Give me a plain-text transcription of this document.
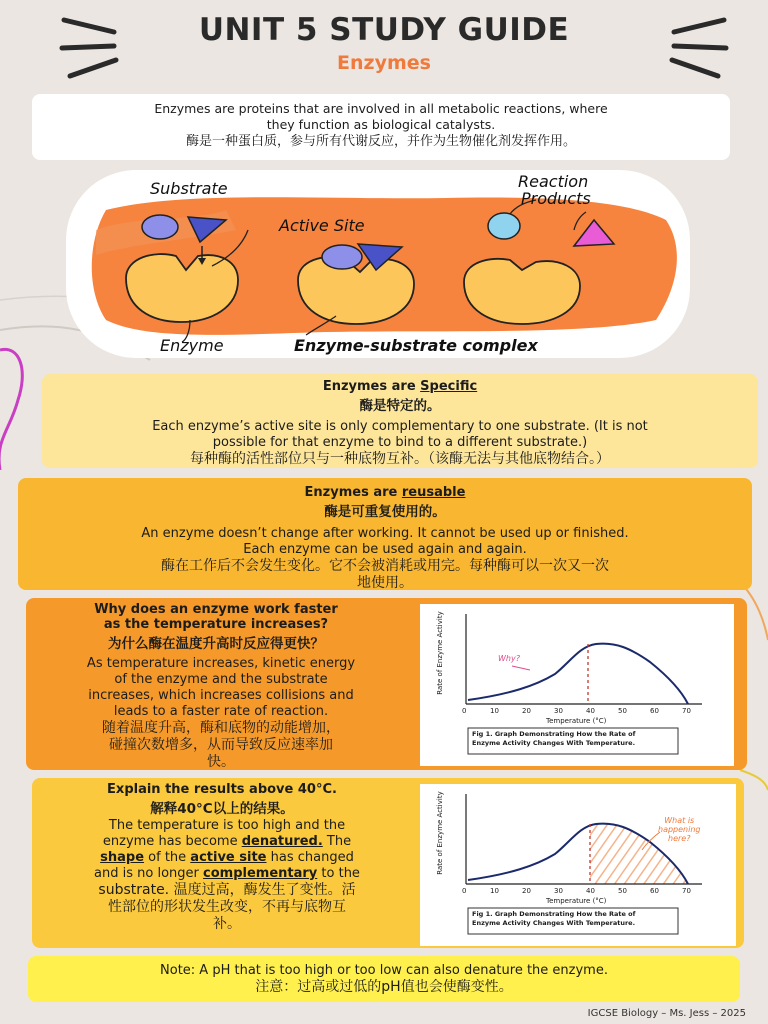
UNIT 5 STUDY GUIDE
Enzymes
Enzymes are proteins that are involved in all metabolic reactions, where
they function as biological catalysts.
酶是一种蛋白质，参与所有代谢反应，并作为生物催化剂发挥作用。
Substrate
Active Site
Reaction
Products
Enzyme	Enzyme-substrate complex
Enzymes are Specific
酶是特定的。
Each enzyme’s active site is only complementary to one substrate. (It is not
possible for that enzyme to bind to a different substrate.)
每种酶的活性部位只与一种底物互补。（该酶无法与其他底物结合。）
Enzymes are reusable
酶是可重复使用的。
An enzyme doesn’t change after working. It cannot be used up or finished.
Each enzyme can be used again and again.
酶在工作后不会发生变化。它不会被消耗或用完。每种酶可以一次又一次
地使用。
Why does an enzyme work faster
as the temperature increases?
为什么酶在温度升高时反应得更快？
As temperature increases, kinetic energy
of the enzyme and the substrate
increases, which increases collisions and
leads to a faster rate of reaction.
随着温度升高，酶和底物的动能增加，
碰撞次数增多，从而导致反应速率加
快。
Rate of Enzyme Activity	Why?
0	10	20	30	40	50	60	70
Temperature (°C)
Fig 1. Graph Demonstrating How the Rate of
Enzyme Activity Changes With Temperature.
Explain the results above 40°C.
解释40°C以上的结果。
The temperature is too high and the
enzyme has become denatured. The
shape of the active site has changed
and is no longer complementary to the
substrate. 温度过高，酶发生了变性。活
性部位的形状发生改变，不再与底物互
补。
Rate of Enzyme Activity	What is
happening
here?
0	10	20	30	40	50	60	70
Temperature (°C)
Fig 1. Graph Demonstrating How the Rate of
Enzyme Activity Changes With Temperature.
Note: A pH that is too high or too low can also denature the enzyme.
注意：过高或过低的pH值也会使酶变性。
IGCSE Biology – Ms. Jess – 2025
